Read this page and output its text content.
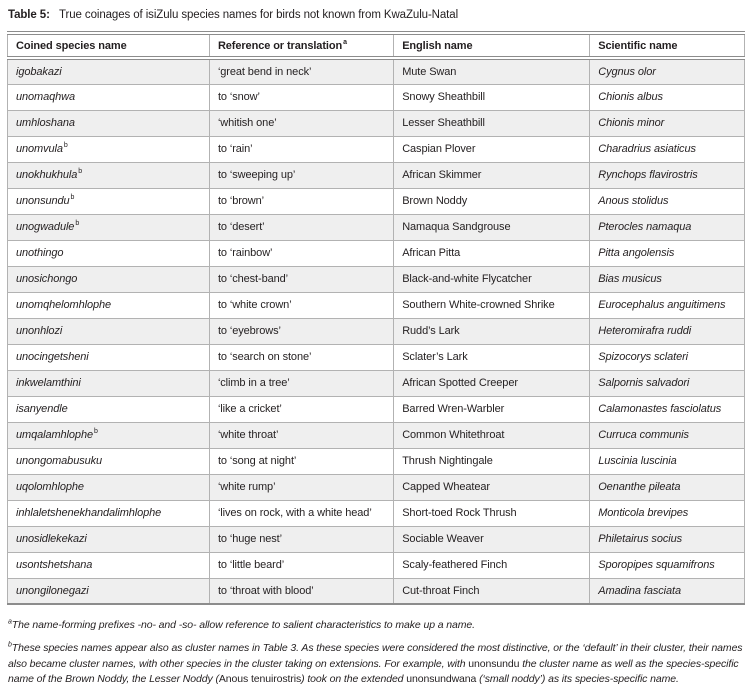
Table 5: True coinages of isiZulu species names for birds not known from KwaZulu-Natal
Coined species name	Reference or translation$^a$	English name	Scientific name
igobakazi	‘great bend in neck’	Mute Swan	Cygnus olor
unomaqhwa	to ‘snow’	Snowy Sheathbill	Chionis albus
umhloshana	‘whitish one’	Lesser Sheathbill	Chionis minor
unomvula$^b$	to ‘rain’	Caspian Plover	Charadrius asiaticus
unokhukhula$^b$	to ‘sweeping up’	African Skimmer	Rynchops flavirostris
unonsundu$^b$	to ‘brown’	Brown Noddy	Anous stolidus
unogwadule$^b$	to ‘desert’	Namaqua Sandgrouse	Pterocles namaqua
unothingo	to ‘rainbow’	African Pitta	Pitta angolensis
unosichongo	to ‘chest-band’	Black-and-white Flycatcher	Bias musicus
unomqhelomhlophe	to ‘white crown’	Southern White-crowned Shrike	Eurocephalus anguitimens
unonhlozi	to ‘eyebrows’	Rudd’s Lark	Heteromirafra ruddi
unocingetsheni	to ‘search on stone’	Sclater’s Lark	Spizocorys sclateri
inkwelamthini	‘climb in a tree’	African Spotted Creeper	Salpornis salvadori
isanyendle	‘like a cricket’	Barred Wren-Warbler	Calamonastes fasciolatus
umqalamhlophe$^b$	‘white throat’	Common Whitethroat	Curruca communis
unongomabusuku	to ‘song at night’	Thrush Nightingale	Luscinia luscinia
uqolomhlophe	‘white rump’	Capped Wheatear	Oenanthe pileata
inhlaletshenekhandalimhlophe	‘lives on rock, with a white head’	Short-toed Rock Thrush	Monticola brevipes
unosidlekekazi	to ‘huge nest’	Sociable Weaver	Philetairus socius
usontshetshana	to ‘little beard’	Scaly-feathered Finch	Sporopipes squamifrons
unongilonegazi	to ‘throat with blood’	Cut-throat Finch	Amadina fasciata

$^a$The name-forming prefixes -no- and -so- allow reference to salient characteristics to make up a name.

$^b$These species names appear also as cluster names in Table 3. As these species were considered the most distinctive, or the ‘default’ in their cluster, their names also became cluster names, with other species in the cluster taking on extensions. For example, with unonsundu the cluster name as well as the species-specific name of the Brown Noddy, the Lesser Noddy (Anous tenuirostris) took on the extended unonsundwana (‘small noddy’) as its species-specific name.
